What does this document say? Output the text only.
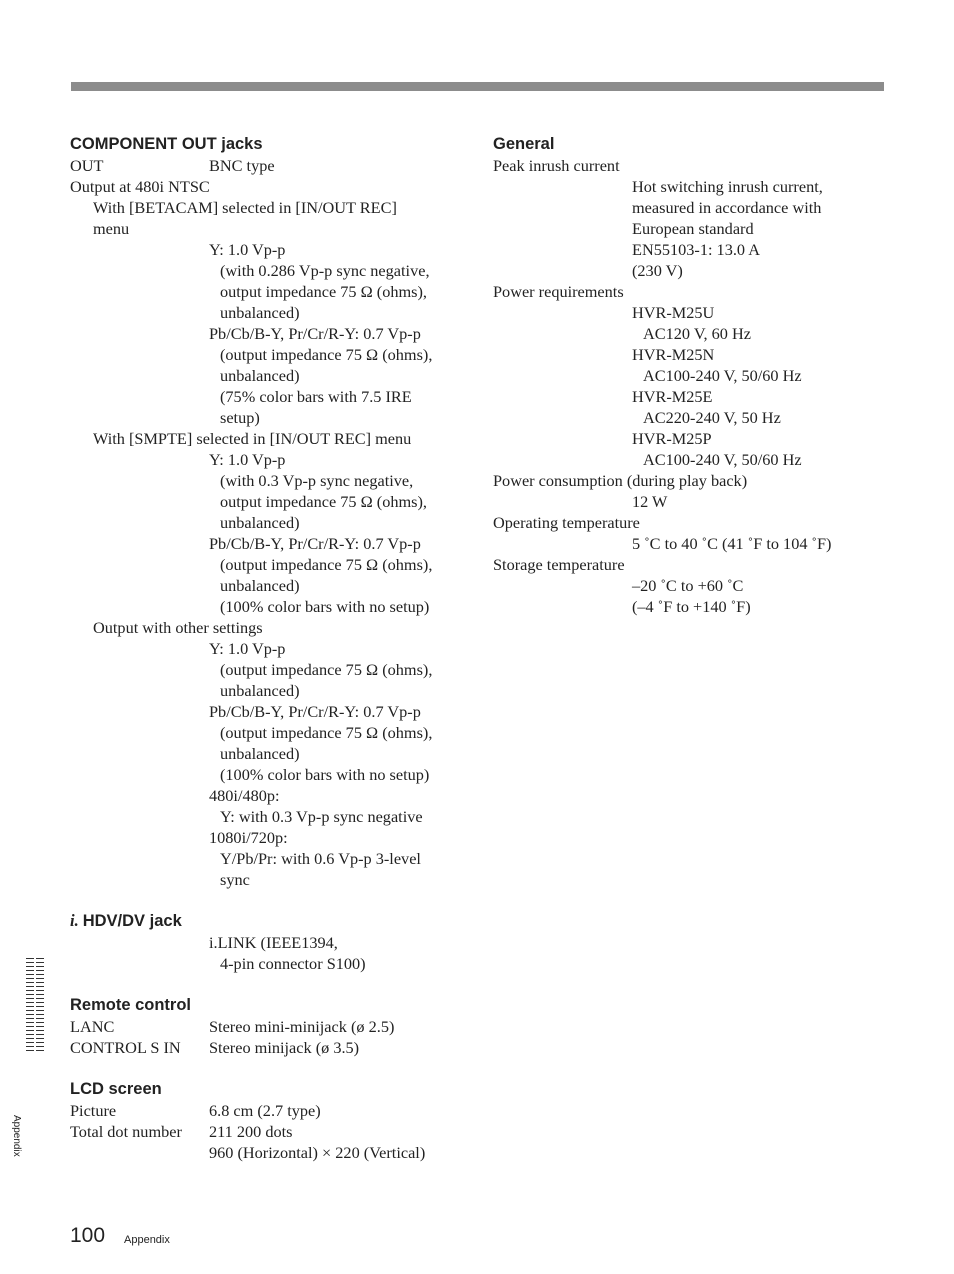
COMPONENT OUT jacks
OUT	BNC type
Output at 480i NTSC
With [BETACAM] selected in [IN/OUT REC]
menu
Y: 1.0 Vp-p
(with 0.286 Vp-p sync negative,
output impedance 75 Ω (ohms),
unbalanced)
Pb/Cb/B-Y, Pr/Cr/R-Y: 0.7 Vp-p
(output impedance 75 Ω (ohms),
unbalanced)
(75% color bars with 7.5 IRE
setup)
With [SMPTE] selected in [IN/OUT REC] menu
Y: 1.0 Vp-p
(with 0.3 Vp-p sync negative,
output impedance 75 Ω (ohms),
unbalanced)
Pb/Cb/B-Y, Pr/Cr/R-Y: 0.7 Vp-p
(output impedance 75 Ω (ohms),
unbalanced)
(100% color bars with no setup)
Output with other settings
Y: 1.0 Vp-p
(output impedance 75 Ω (ohms),
unbalanced)
Pb/Cb/B-Y, Pr/Cr/R-Y: 0.7 Vp-p
(output impedance 75 Ω (ohms),
unbalanced)
(100% color bars with no setup)
480i/480p:
Y: with 0.3 Vp-p sync negative
1080i/720p:
Y/Pb/Pr: with 0.6 Vp-p 3-level
sync
i. HDV/DV jack
i.LINK (IEEE1394,
4-pin connector S100)
Remote control
LANC	Stereo mini-minijack (ø 2.5)
CONTROL S IN Stereo minijack (ø 3.5)
LCD screen
Picture	6.8 cm (2.7 type)
Total dot number 211 200 dots
960 (Horizontal) × 220 (Vertical)
General
Peak inrush current
Hot switching inrush current,
measured in accordance with
European standard
EN55103-1: 13.0 A
(230 V)
Power requirements
HVR-M25U
AC120 V, 60 Hz
HVR-M25N
AC100-240 V, 50/60 Hz
HVR-M25E
AC220-240 V, 50 Hz
HVR-M25P
AC100-240 V, 50/60 Hz
Power consumption (during play back)
12 W
Operating temperature
5 ˚C to 40 ˚C (41 ˚F to 104 ˚F)
Storage temperature
–20 ˚C to +60 ˚C
(–4 ˚F to +140 ˚F)
Appendix
100 Appendix
